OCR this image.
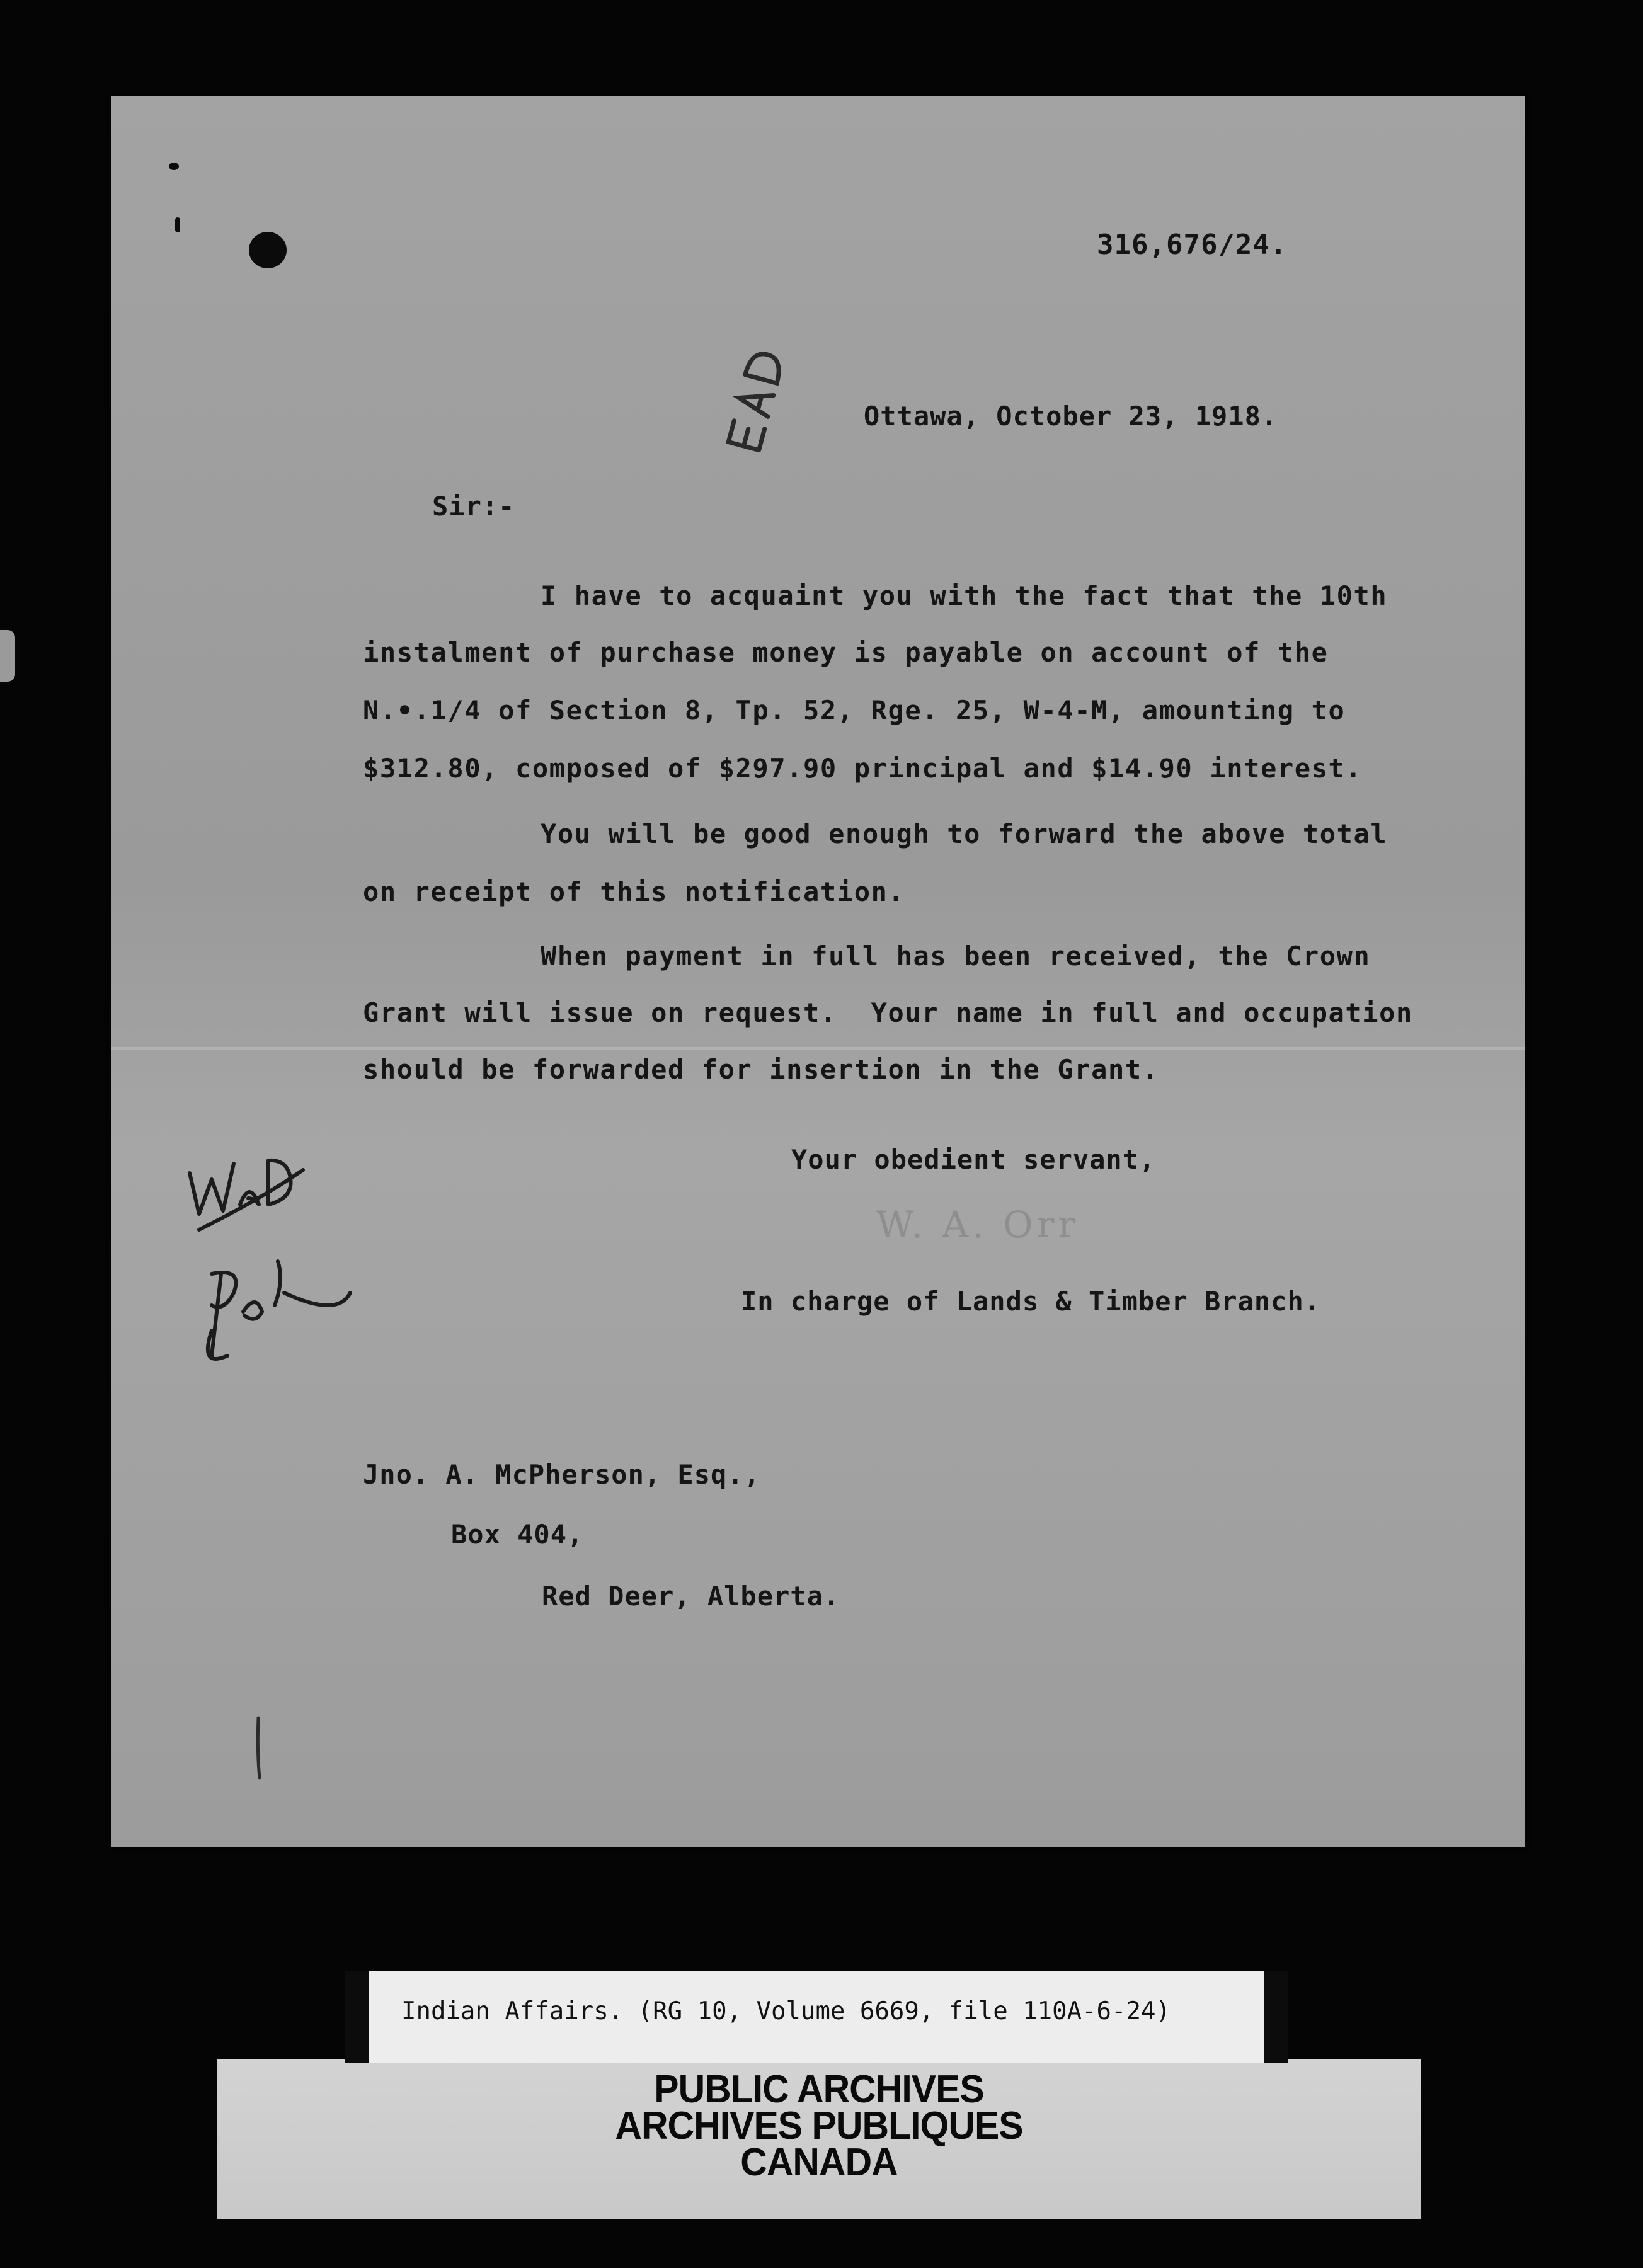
316,676/24.
Ottawa, October 23, 1918.
Sir:-
I have to acquaint you with the fact that the 10th
instalment of purchase money is payable on account of the
N.•.1/4 of Section 8, Tp. 52, Rge. 25, W-4-M, amounting to
$312.80, composed of $297.90 principal and $14.90 interest.
You will be good enough to forward the above total
on receipt of this notification.
When payment in full has been received, the Crown
Grant will issue on request.  Your name in full and occupation
should be forwarded for insertion in the Grant.
Your obedient servant,
W. A. Orr
In charge of Lands & Timber Branch.
Jno. A. McPherson, Esq.,
Box 404,
Red Deer, Alberta.
Indian Affairs. (RG 10, Volume 6669, file 110A-6-24)
PUBLIC ARCHIVES
ARCHIVES PUBLIQUES
CANADA
